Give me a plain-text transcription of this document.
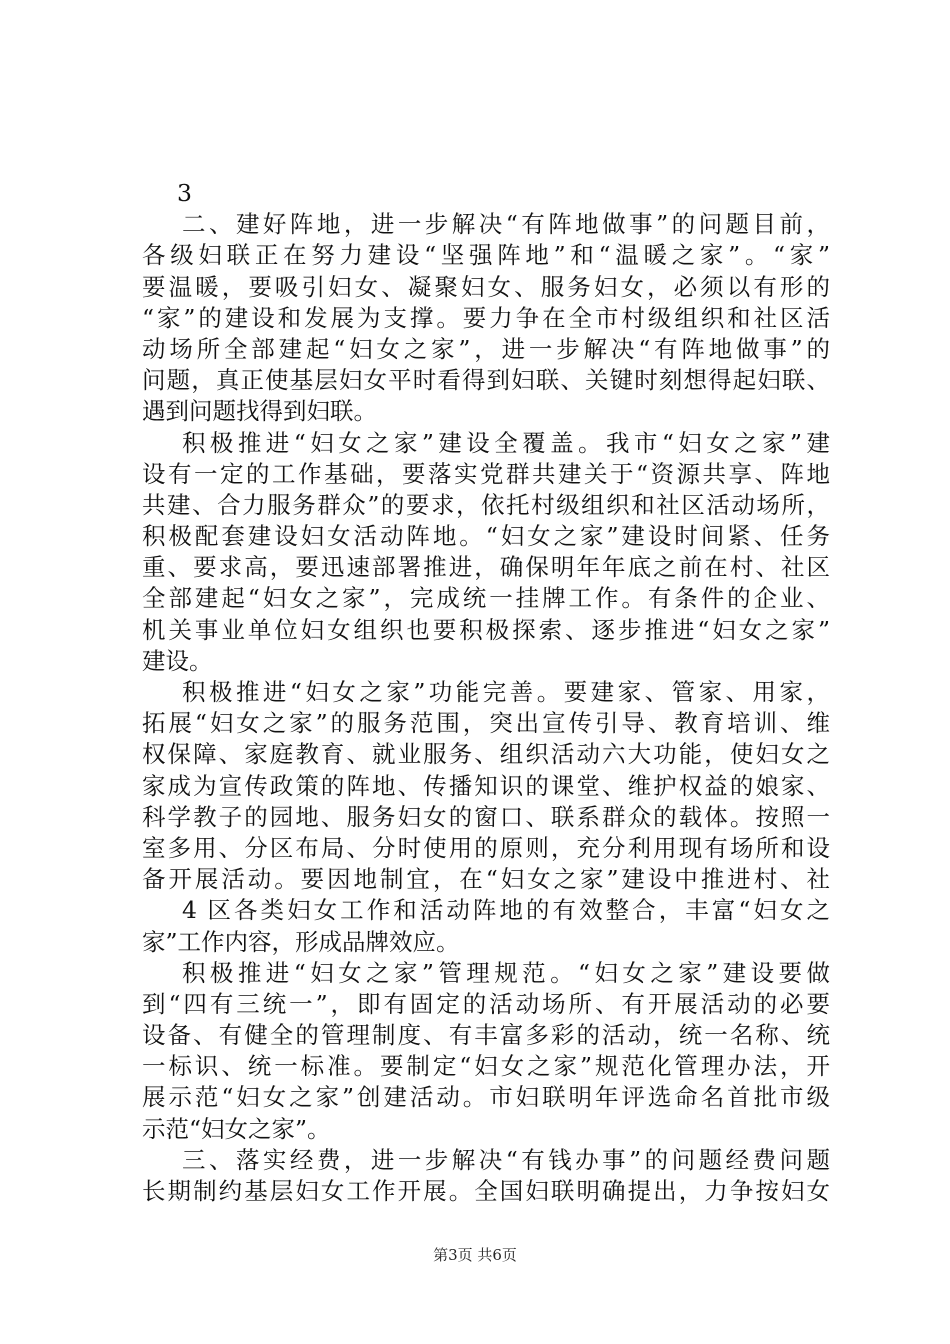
3
二、建好阵地，进一步解决“有阵地做事”的问题目前，
各级妇联正在努力建设“坚强阵地”和“温暖之家”。“家”
要温暖，要吸引妇女、凝聚妇女、服务妇女，必须以有形的
“家”的建设和发展为支撑。要力争在全市村级组织和社区活
动场所全部建起“妇女之家”，进一步解决“有阵地做事”的
问题，真正使基层妇女平时看得到妇联、关键时刻想得起妇联、
遇到问题找得到妇联。
积极推进“妇女之家”建设全覆盖。我市“妇女之家”建
设有一定的工作基础，要落实党群共建关于“资源共享、阵地
共建、合力服务群众”的要求，依托村级组织和社区活动场所，
积极配套建设妇女活动阵地。“妇女之家”建设时间紧、任务
重、要求高，要迅速部署推进，确保明年年底之前在村、社区
全部建起“妇女之家”，完成统一挂牌工作。有条件的企业、
机关事业单位妇女组织也要积极探索、逐步推进“妇女之家”
建设。
积极推进“妇女之家”功能完善。要建家、管家、用家，
拓展“妇女之家”的服务范围，突出宣传引导、教育培训、维
权保障、家庭教育、就业服务、组织活动六大功能，使妇女之
家成为宣传政策的阵地、传播知识的课堂、维护权益的娘家、
科学教子的园地、服务妇女的窗口、联系群众的载体。按照一
室多用、分区布局、分时使用的原则，充分利用现有场所和设
备开展活动。要因地制宜，在“妇女之家”建设中推进村、社
4 区各类妇女工作和活动阵地的有效整合，丰富“妇女之
家”工作内容，形成品牌效应。
积极推进“妇女之家”管理规范。“妇女之家”建设要做
到“四有三统一”，即有固定的活动场所、有开展活动的必要
设备、有健全的管理制度、有丰富多彩的活动，统一名称、统
一标识、统一标准。要制定“妇女之家”规范化管理办法，开
展示范“妇女之家”创建活动。市妇联明年评选命名首批市级
示范“妇女之家”。
三、落实经费，进一步解决“有钱办事”的问题经费问题
长期制约基层妇女工作开展。全国妇联明确提出，力争按妇女
第3页 共6页
